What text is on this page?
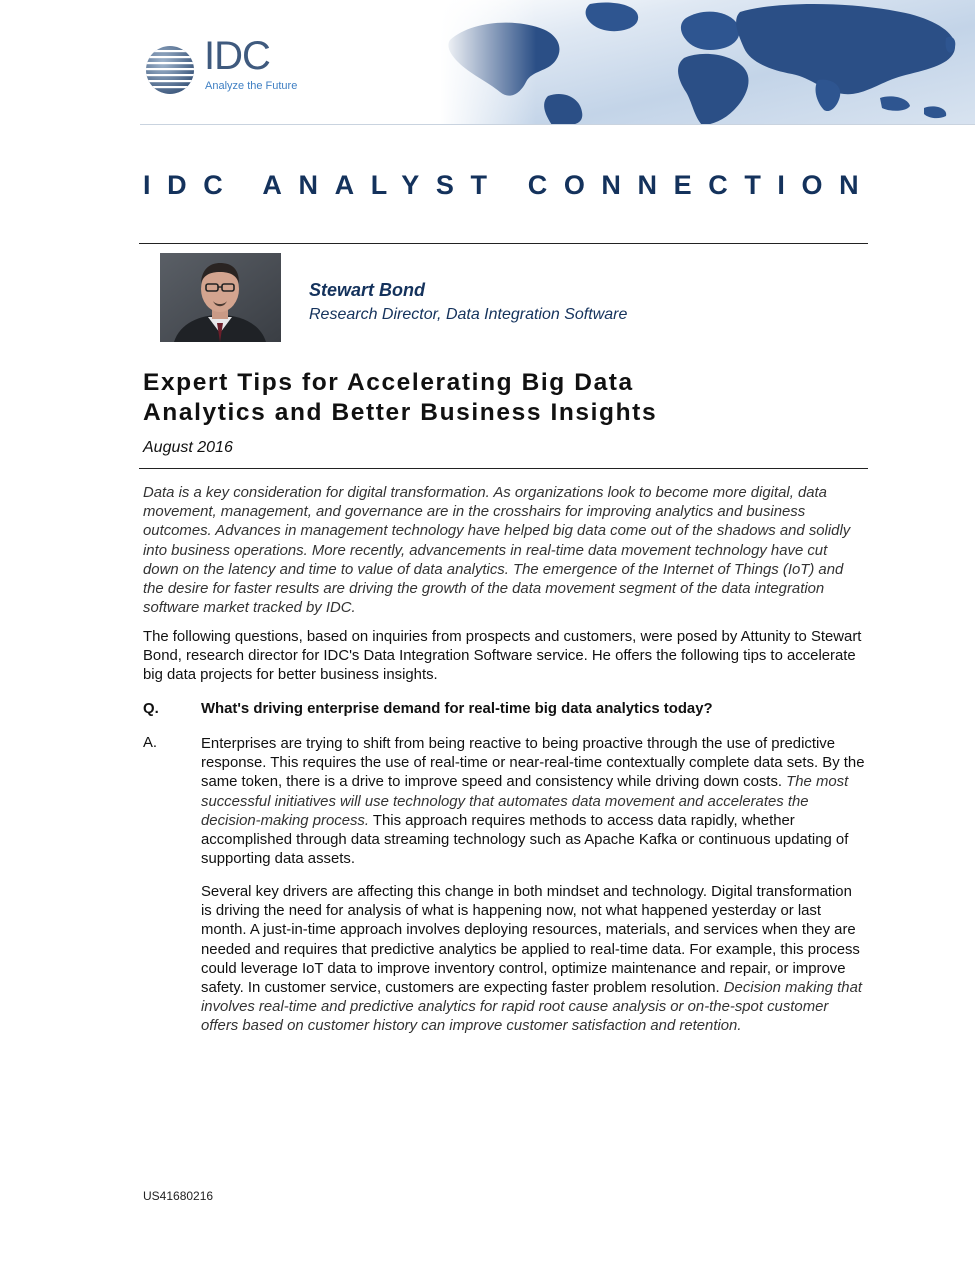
IDC
Analyze the Future
IDC ANALYST CONNECTION
Stewart Bond
Research Director, Data Integration Software
Expert Tips for Accelerating Big Data
Analytics and Better Business Insights
August 2016
Data is a key consideration for digital transformation. As organizations look to become more digital, data movement, management, and governance are in the crosshairs for improving analytics and business outcomes. Advances in management technology have helped big data come out of the shadows and solidly into business operations. More recently, advancements in real-time data movement technology have cut down on the latency and time to value of data analytics. The emergence of the Internet of Things (IoT) and the desire for faster results are driving the growth of the data movement segment of the data integration software market tracked by IDC.
The following questions, based on inquiries from prospects and customers, were posed by Attunity to Stewart Bond, research director for IDC's Data Integration Software service. He offers the following tips to accelerate big data projects for better business insights.
Q.	What's driving enterprise demand for real-time big data analytics today?
A.	Enterprises are trying to shift from being reactive to being proactive through the use of predictive response. This requires the use of real-time or near-real-time contextually complete data sets. By the same token, there is a drive to improve speed and consistency while driving down costs. The most successful initiatives will use technology that automates data movement and accelerates the decision-making process. This approach requires methods to access data rapidly, whether accomplished through data streaming technology such as Apache Kafka or continuous updating of supporting data assets.
Several key drivers are affecting this change in both mindset and technology. Digital transformation is driving the need for analysis of what is happening now, not what happened yesterday or last month. A just-in-time approach involves deploying resources, materials, and services when they are needed and requires that predictive analytics be applied to real-time data. For example, this process could leverage IoT data to improve inventory control, optimize maintenance and repair, or improve safety. In customer service, customers are expecting faster problem resolution. Decision making that involves real-time and predictive analytics for rapid root cause analysis or on-the-spot customer offers based on customer history can improve customer satisfaction and retention.
US41680216
